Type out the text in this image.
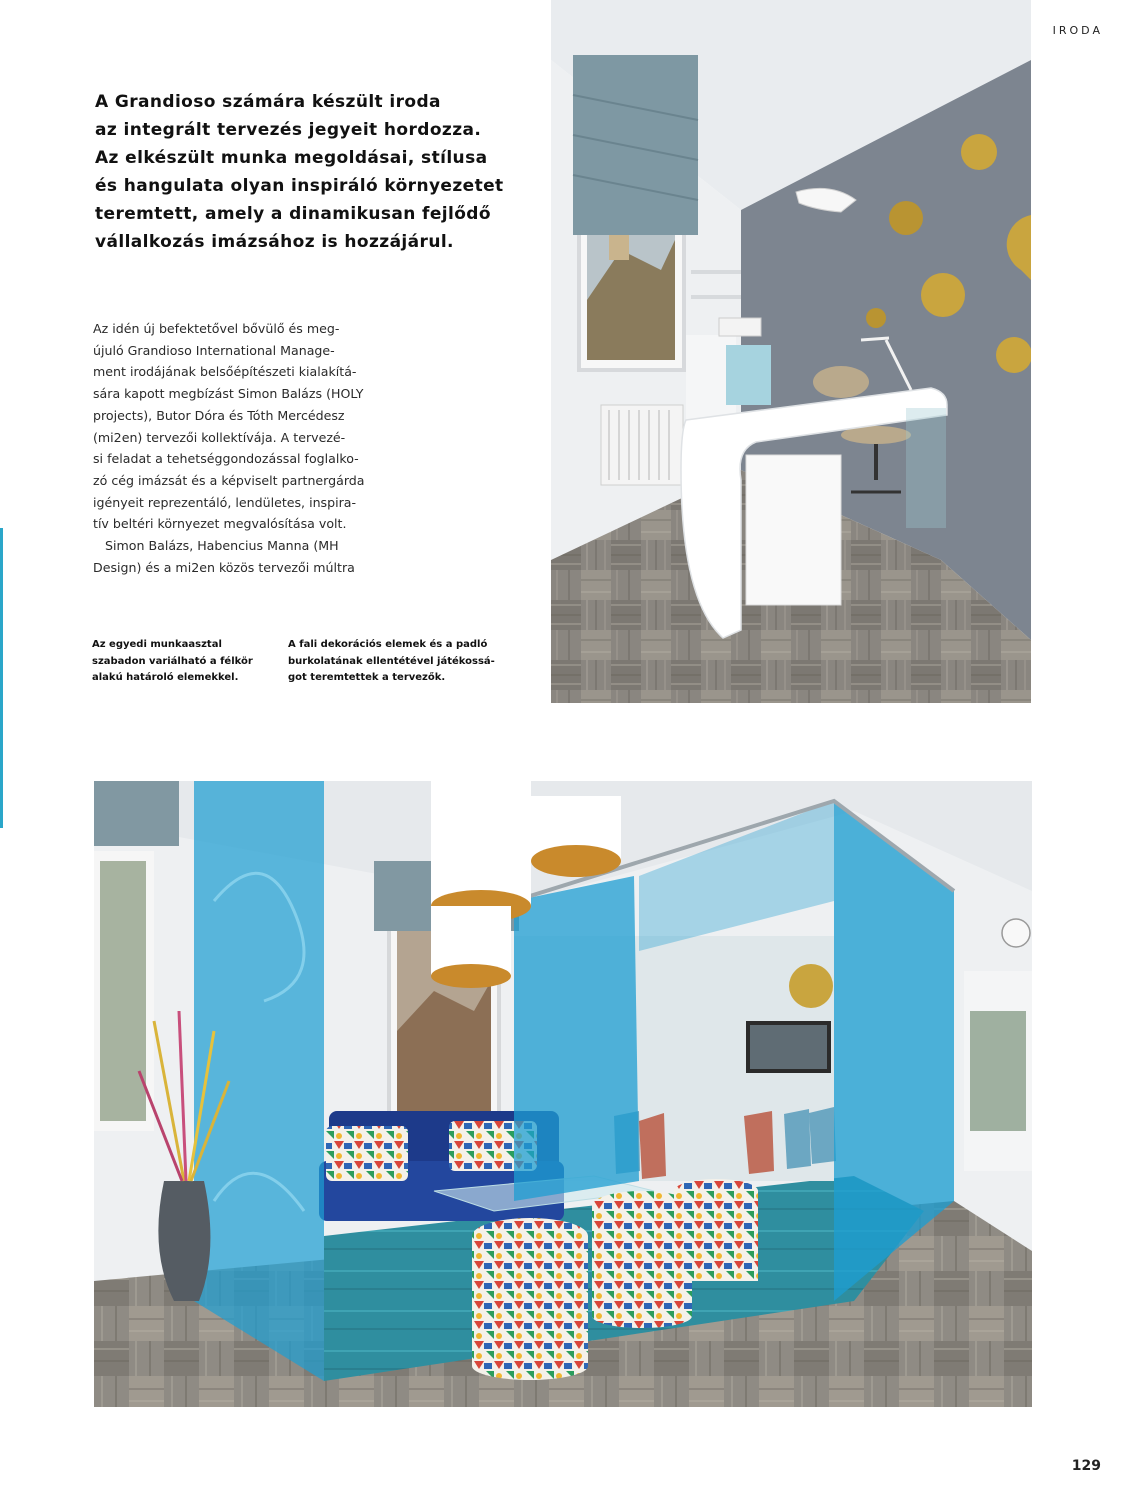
IRODA
A Grandioso számára készült iroda
az integrált tervezés jegyeit hordozza.
Az elkészült munka megoldásai, stílusa
és hangulata olyan inspiráló környezetet
teremtett, amely a dinamikusan fejlődő
vállalkozás imázsához is hozzájárul.
Az idén új befektetővel bővülő és meg-
újuló Grandioso International Manage-
ment irodájának belsőépítészeti kialakítá-
sára kapott megbízást Simon Balázs (HOLY
projects), Butor Dóra és Tóth Mercédesz
(mi2en) tervezői kollektívája. A tervezé-
si feladat a tehetséggondozással foglalko-
zó cég imázsát és a képviselt partnergárda
igényeit reprezentáló, lendületes, inspira-
tív beltéri környezet megvalósítása volt.
Simon Balázs, Habencius Manna (MH
Design) és a mi2en közös tervezői múltra
Az egyedi munkaasztal
szabadon variálható a félkör
alakú határoló elemekkel.
A fali dekorációs elemek és a padló
burkolatának ellentétével játékossá-
got teremtettek a tervezők.
129
